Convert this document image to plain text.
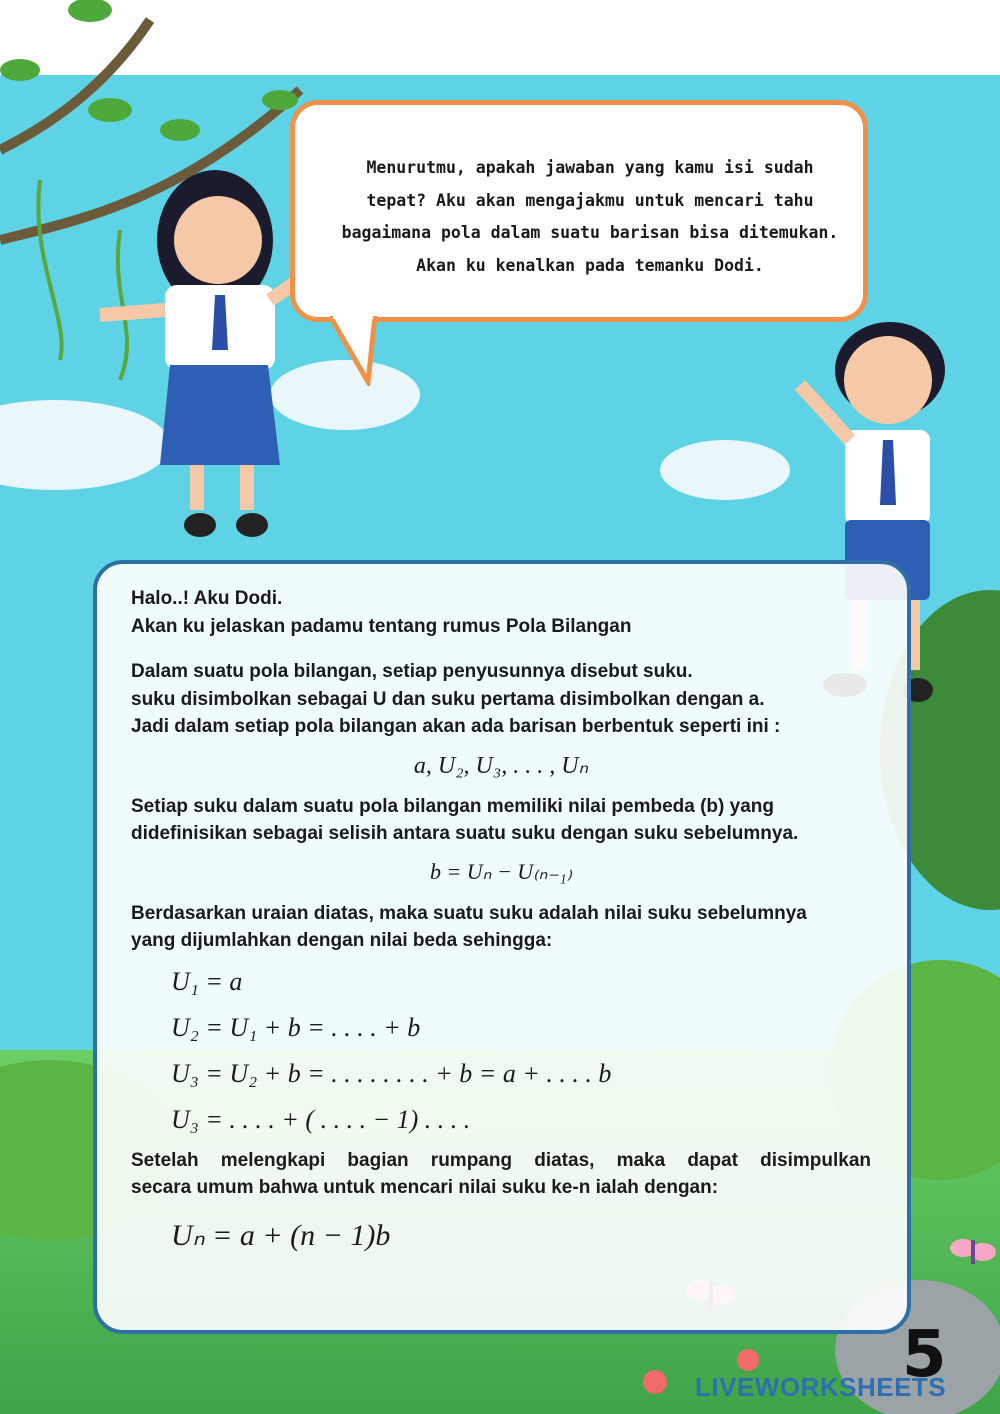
Menurutmu, apakah jawaban yang kamu isi sudah

tepat? Aku akan mengajakmu untuk mencari tahu

bagaimana pola dalam suatu barisan bisa ditemukan.

Akan ku kenalkan pada temanku Dodi.

Halo..! Aku Dodi.

Akan ku jelaskan padamu tentang rumus Pola Bilangan

Dalam suatu pola bilangan, setiap penyusunnya disebut suku.

suku disimbolkan sebagai U dan suku pertama disimbolkan dengan a.

Jadi dalam setiap pola bilangan akan ada barisan berbentuk seperti ini :

a, U₂, U₃, . . . , Uₙ

Setiap suku dalam suatu pola bilangan memiliki nilai pembeda (b) yang

didefinisikan sebagai selisih antara suatu suku dengan suku sebelumnya.

b = Uₙ − U₍ₙ₋₁₎

Berdasarkan uraian diatas, maka suatu suku adalah nilai suku sebelumnya

yang dijumlahkan dengan nilai beda sehingga:

U₁ = a

U₂ = U₁ + b = . . . . + b

U₃ = U₂ + b = . . . . . . . . + b = a + . . . . b

U₃ = . . . . + ( . . . . − 1) . . . .

Setelah melengkapi bagian rumpang diatas, maka dapat disimpulkan

secara umum bahwa untuk mencari nilai suku ke-n ialah dengan:

Uₙ = a + (n − 1)b

5
LIVEWORKSHEETS
